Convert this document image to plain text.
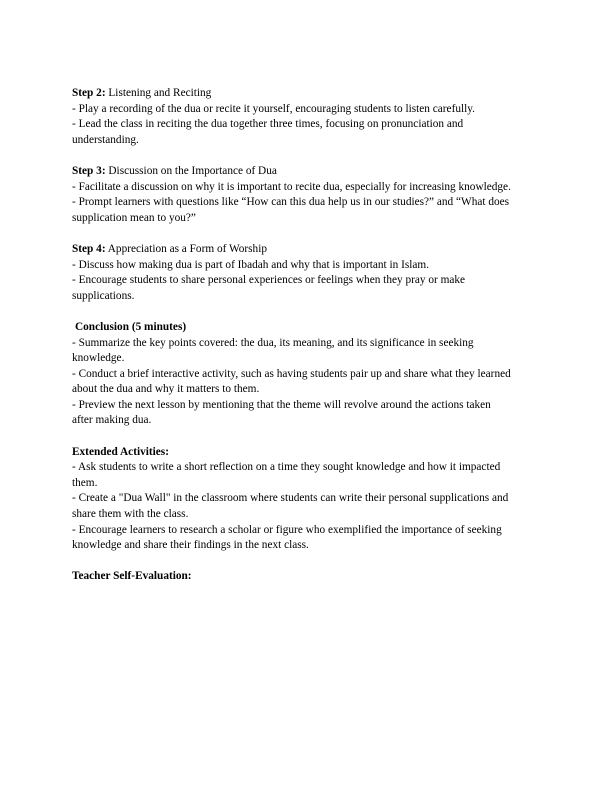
Step 2: Listening and Reciting
- Play a recording of the dua or recite it yourself, encouraging students to listen carefully.
- Lead the class in reciting the dua together three times, focusing on pronunciation and
understanding.
Step 3: Discussion on the Importance of Dua
- Facilitate a discussion on why it is important to recite dua, especially for increasing knowledge.
- Prompt learners with questions like “How can this dua help us in our studies?” and “What does
supplication mean to you?”
Step 4: Appreciation as a Form of Worship
- Discuss how making dua is part of Ibadah and why that is important in Islam.
- Encourage students to share personal experiences or feelings when they pray or make
supplications.
Conclusion (5 minutes)
- Summarize the key points covered: the dua, its meaning, and its significance in seeking
knowledge.
- Conduct a brief interactive activity, such as having students pair up and share what they learned
about the dua and why it matters to them.
- Preview the next lesson by mentioning that the theme will revolve around the actions taken
after making dua.
Extended Activities:
- Ask students to write a short reflection on a time they sought knowledge and how it impacted
them.
- Create a "Dua Wall" in the classroom where students can write their personal supplications and
share them with the class.
- Encourage learners to research a scholar or figure who exemplified the importance of seeking
knowledge and share their findings in the next class.
Teacher Self-Evaluation:
